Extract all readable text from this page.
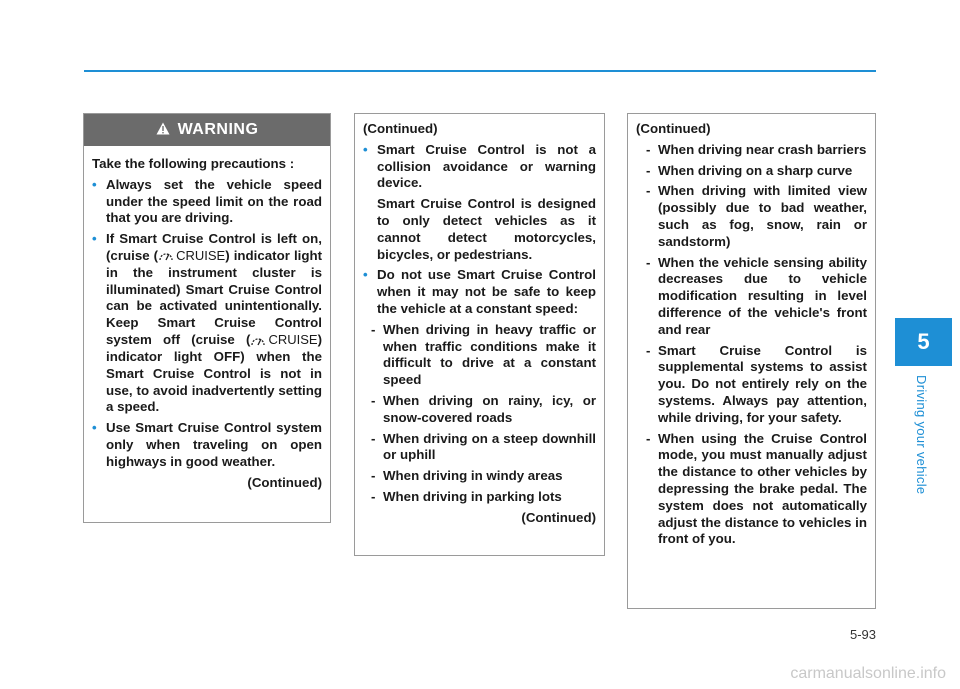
5
Driving your vehicle
WARNING

Take the following precautions :

• Always set the vehicle speed under the speed limit on the road that you are driving.
• If Smart Cruise Control is left on, (cruise ( CRUISE ) indicator light in the instrument cluster is illuminated) Smart Cruise Control can be activated unintentionally. Keep Smart Cruise Control system off (cruise ( CRUISE ) indicator light OFF) when the Smart Cruise Control is not in use, to avoid inadvertently setting a speed.
• Use Smart Cruise Control system only when traveling on open highways in good weather.

(Continued)

(Continued)

• Smart Cruise Control is not a collision avoidance or warning device.
Smart Cruise Control is designed to only detect vehicles as it cannot detect motorcycles, bicycles, or pedestrians.
• Do not use Smart Cruise Control when it may not be safe to keep the vehicle at a constant speed:
- When driving in heavy traffic or when traffic conditions make it difficult to drive at a constant speed
- When driving on rainy, icy, or snow-covered roads
- When driving on a steep downhill or uphill
- When driving in windy areas
- When driving in parking lots

(Continued)

(Continued)

- When driving near crash barriers
- When driving on a sharp curve
- When driving with limited view (possibly due to bad weather, such as fog, snow, rain or sandstorm)
- When the vehicle sensing ability decreases due to vehicle modification resulting in level difference of the vehicle's front and rear
- Smart Cruise Control is supplemental systems to assist you. Do not entirely rely on the systems. Always pay attention, while driving, for your safety.
- When using the Cruise Control mode, you must manually adjust the distance to other vehicles by depressing the brake pedal. The system does not automatically adjust the distance to vehicles in front of you.
5-93
carmanualsonline.info
